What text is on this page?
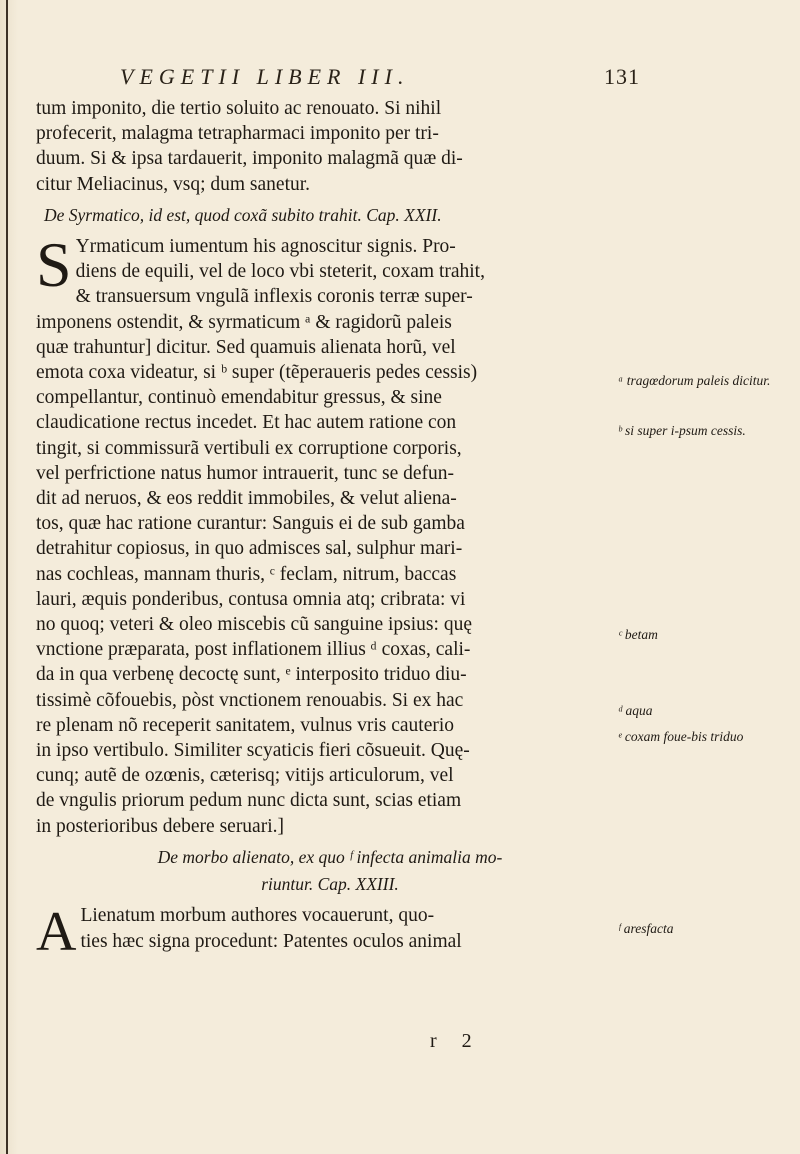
VEGETII LIBER III.	131
tum imponito, die tertio soluito ac renouato. Si nihil
profecerit, malagma tetrapharmaci imponito per tri-
duum. Si & ipsa tardauerit, imponito malagmã quæ di-
citur Meliacinus, vsq; dum sanetur.
De Syrmatico, id est, quod coxã subito trahit. Cap. XXII.
S Yrmaticum iumentum his agnoscitur signis. Pro-
diens de equili, vel de loco vbi steterit, coxam trahit,
& transuersum vngulã inflexis coronis terræ super-
imponens ostendit, & syrmaticum ᵃ & ragidorũ paleis
quæ trahuntur] dicitur. Sed quamuis alienata horũ, vel
emota coxa videatur, si ᵇ super (tẽperaueris pedes cessis)
compellantur, continuò emendabitur gressus, & sine
claudicatione rectus incedet. Et hac autem ratione con
tingit, si commissurã vertibuli ex corruptione corporis,
vel perfrictione natus humor intrauerit, tunc se defun-
dit ad neruos, & eos reddit immobiles, & velut aliena-
tos, quæ hac ratione curantur: Sanguis ei de sub gamba
detrahitur copiosus, in quo admisces sal, sulphur mari-
nas cochleas, mannam thuris, ᶜ feclam, nitrum, baccas
lauri, æquis ponderibus, contusa omnia atq; cribrata: vi
no quoq; veteri & oleo miscebis cũ sanguine ipsius: quę
vnctione præparata, post inflationem illius ᵈ coxas, cali-
da in qua verbenę decoctę sunt, ᵉ interposito triduo diu-
tissimè cõfouebis, pòst vnctionem renouabis. Si ex hac
re plenam nõ receperit sanitatem, vulnus vris cauterio
in ipso vertibulo. Similiter scyaticis fieri cõsueuit. Quę-
cunq; autẽ de ozœnis, cæterisq; vitijs articulorum, vel
de vngulis priorum pedum nunc dicta sunt, scias etiam
in posterioribus debere seruari.]
De morbo alienato, ex quo ᶠ infecta animalia mo-
riuntur. Cap. XXIII.
A Lienatum morbum authores vocauerunt, quo-
ties hæc signa procedunt: Patentes oculos animal
ᵃ tragœdorum paleis dicitur.
ᵇ si super i-psum cessis.
ᶜ betam
ᵈ aqua
ᵉ coxam foue-bis triduo
ᶠ aresfacta
r 2
